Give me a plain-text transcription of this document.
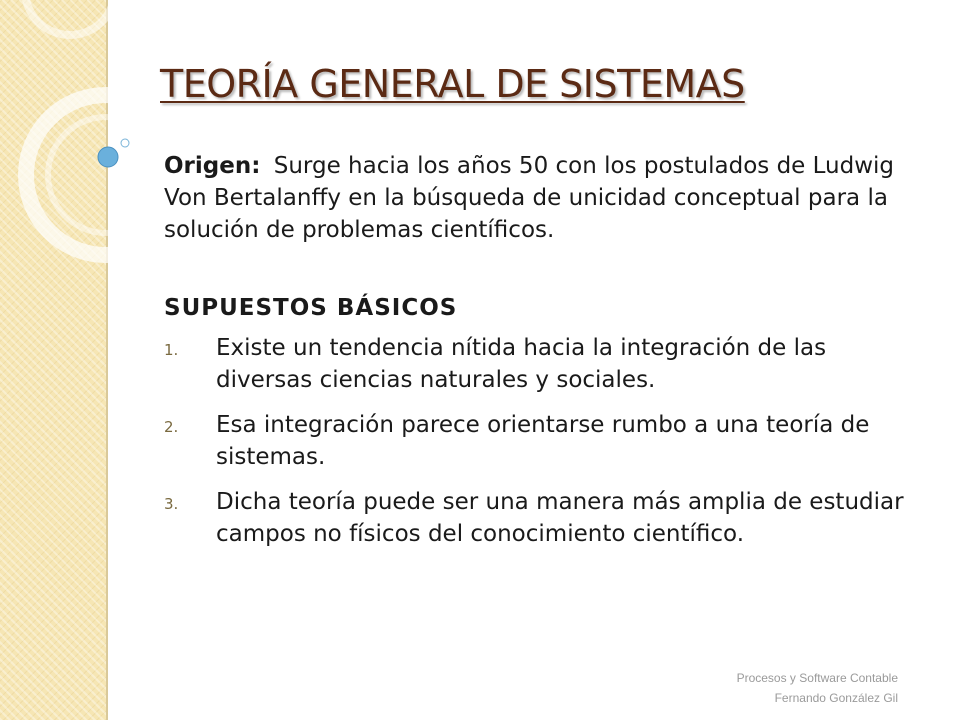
TEORÍA GENERAL DE SISTEMAS

Origen: Surge hacia los años 50 con los postulados de Ludwig Von Bertalanffy en la búsqueda de unicidad conceptual para la solución de problemas científicos.

SUPUESTOS BÁSICOS
1. Existe un tendencia nítida hacia la integración de las diversas ciencias naturales y sociales.
2. Esa integración parece orientarse rumbo a una teoría de sistemas.
3. Dicha teoría puede ser una manera más amplia de estudiar campos no físicos del conocimiento científico.
Procesos y Software Contable
Fernando González Gil
